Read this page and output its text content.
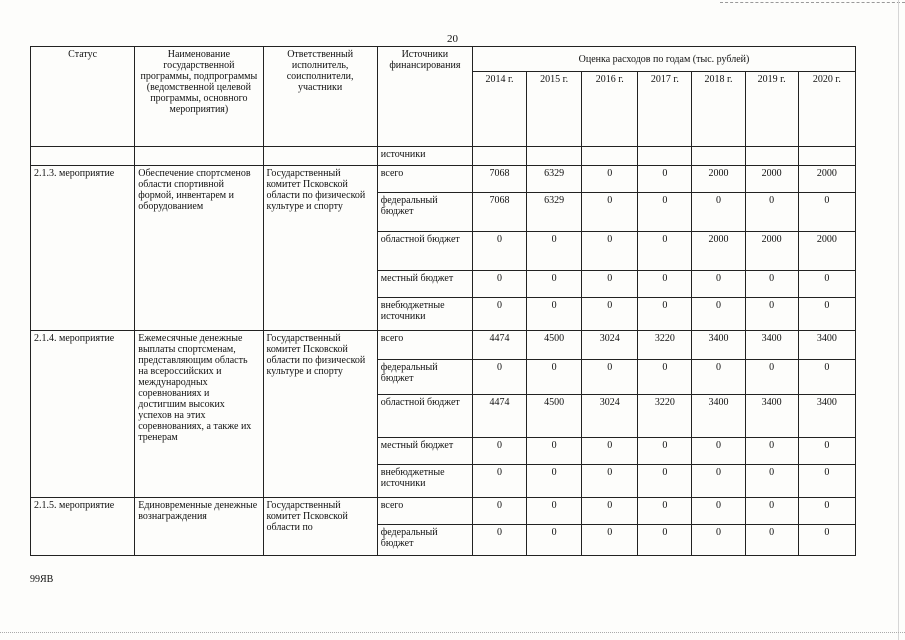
20
Статус	Наименование государственной программы, подпрограммы (ведомственной целевой программы, основного мероприятия)	Ответственный исполнитель, соисполнители, участники	Источники финансирования	Оценка расходов по годам (тыс. рублей)						
				2014 г.	2015 г.	2016 г.	2017 г.	2018 г.	2019 г.	2020 г.
			источники							
2.1.3. мероприятие	Обеспечение спортсменов области спортивной формой, инвентарем и оборудованием	Государственный комитет Псковской области по физической культуре и спорту	всего	7068	6329	0	0	2000	2000	2000
			федеральный бюджет	7068	6329	0	0	0	0	0
			областной бюджет	0	0	0	0	2000	2000	2000
			местный бюджет	0	0	0	0	0	0	0
			внебюджетные источники	0	0	0	0	0	0	0
2.1.4. мероприятие	Ежемесячные денежные выплаты спортсменам, представляющим область на всероссийских и международных соревнованиях и достигшим высоких успехов на этих соревнованиях, а также их тренерам	Государственный комитет Псковской области по физической культуре и спорту	всего	4474	4500	3024	3220	3400	3400	3400
			федеральный бюджет	0	0	0	0	0	0	0
			областной бюджет	4474	4500	3024	3220	3400	3400	3400
			местный бюджет	0	0	0	0	0	0	0
			внебюджетные источники	0	0	0	0	0	0	0
2.1.5. мероприятие	Единовременные денежные вознаграждения	Государственный комитет Псковской области по	всего	0	0	0	0	0	0	0
			федеральный бюджет	0	0	0	0	0	0	0
99ЯВ
